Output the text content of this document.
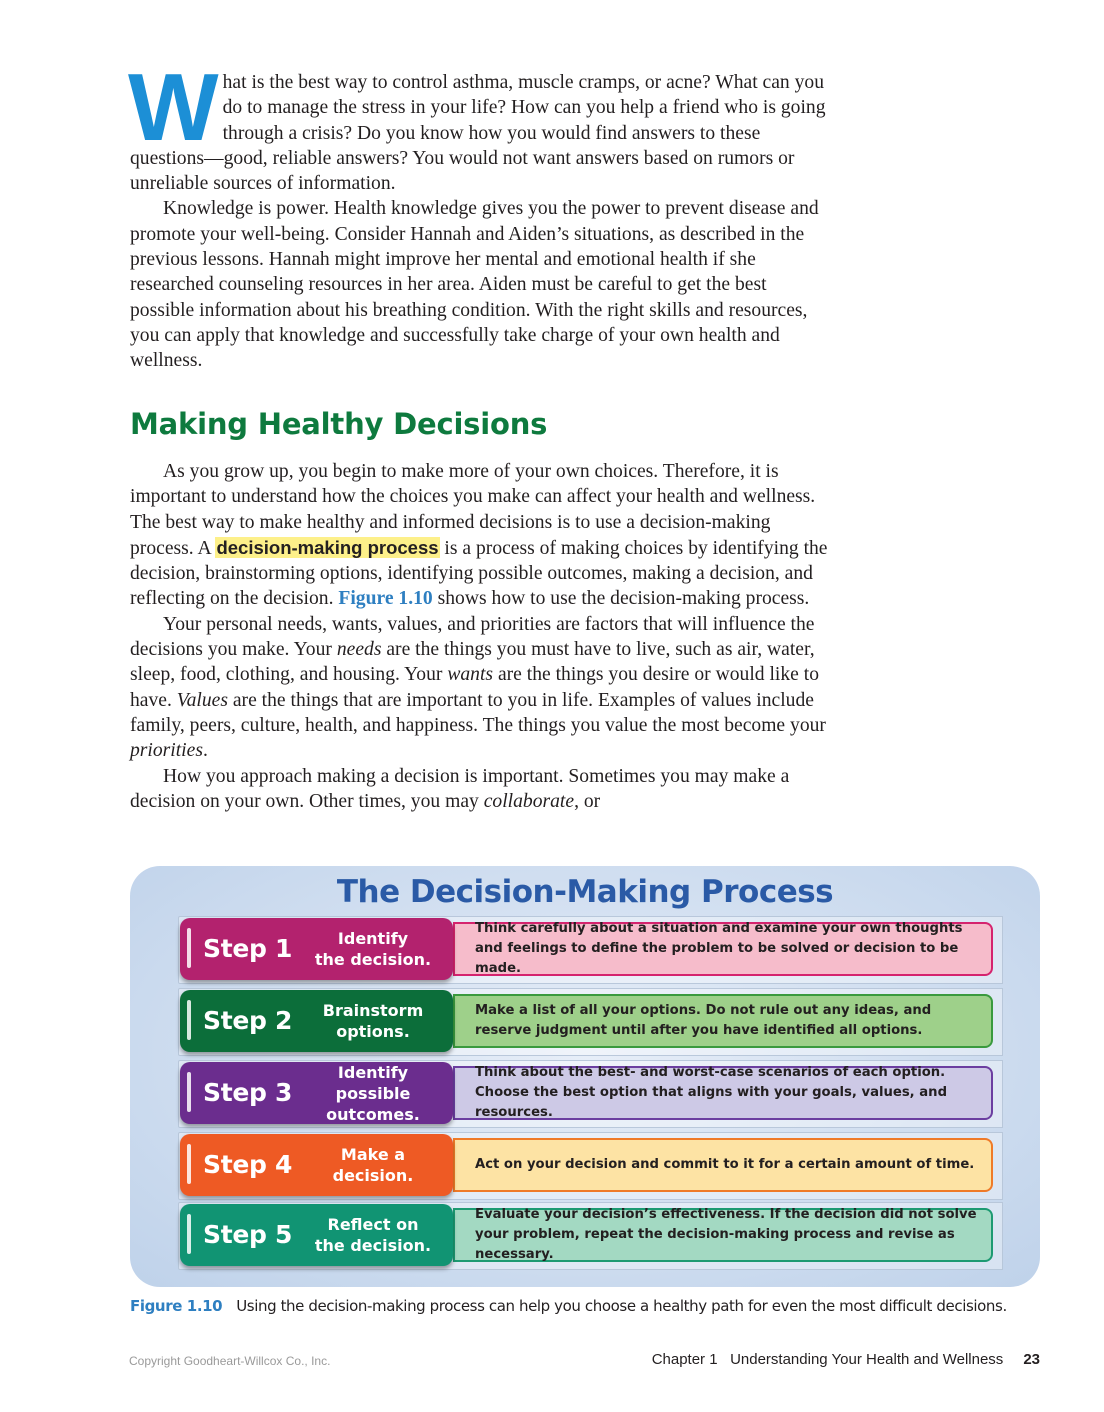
What is the best way to control asthma, muscle cramps, or acne? What can you do to manage the stress in your life? How can you help a friend who is going through a crisis? Do you know how you would find answers to these questions—good, reliable answers? You would not want answers based on rumors or unreliable sources of information.

Knowledge is power. Health knowledge gives you the power to prevent disease and promote your well-being. Consider Hannah and Aiden’s situations, as described in the previous lessons. Hannah might improve her mental and emotional health if she researched counseling resources in her area. Aiden must be careful to get the best possible information about his breathing condition. With the right skills and resources, you can apply that knowledge and successfully take charge of your own health and wellness.

Making Healthy Decisions

As you grow up, you begin to make more of your own choices. Therefore, it is important to understand how the choices you make can affect your health and wellness. The best way to make healthy and informed decisions is to use a decision-making process. A decision-making process is a process of making choices by identifying the decision, brainstorming options, identifying possible outcomes, making a decision, and reflecting on the decision. Figure 1.10 shows how to use the decision-making process.

Your personal needs, wants, values, and priorities are factors that will influence the decisions you make. Your needs are the things you must have to live, such as air, water, sleep, food, clothing, and housing. Your wants are the things you desire or would like to have. Values are the things that are important to you in life. Examples of values include family, peers, culture, health, and happiness. The things you value the most become your priorities.

How you approach making a decision is important. Sometimes you may make a decision on your own. Other times, you may collaborate, or

The Decision-Making Process
Think carefully about a situation and examine your own thoughts and feelings to define the problem to be solved or decision to be made.
Step 1	Identify
the decision.
Make a list of all your options. Do not rule out any ideas, and reserve judgment until after you have identified all options.
Step 2	Brainstorm
options.
Think about the best- and worst-case scenarios of each option. Choose the best option that aligns with your goals, values, and resources.
Step 3
Identify possible
outcomes.
Act on your decision and commit to it for a certain amount of time.
Step 4	Make a
decision.
Evaluate your decision’s effectiveness. If the decision did not solve your problem, repeat the decision-making process and revise as necessary.
Step 5	Reflect on
the decision.
Figure 1.10 Using the decision-making process can help you choose a healthy path for even the most difficult decisions.
Copyright Goodheart-Willcox Co., Inc.	Chapter 1   Understanding Your Health and Wellness 23
